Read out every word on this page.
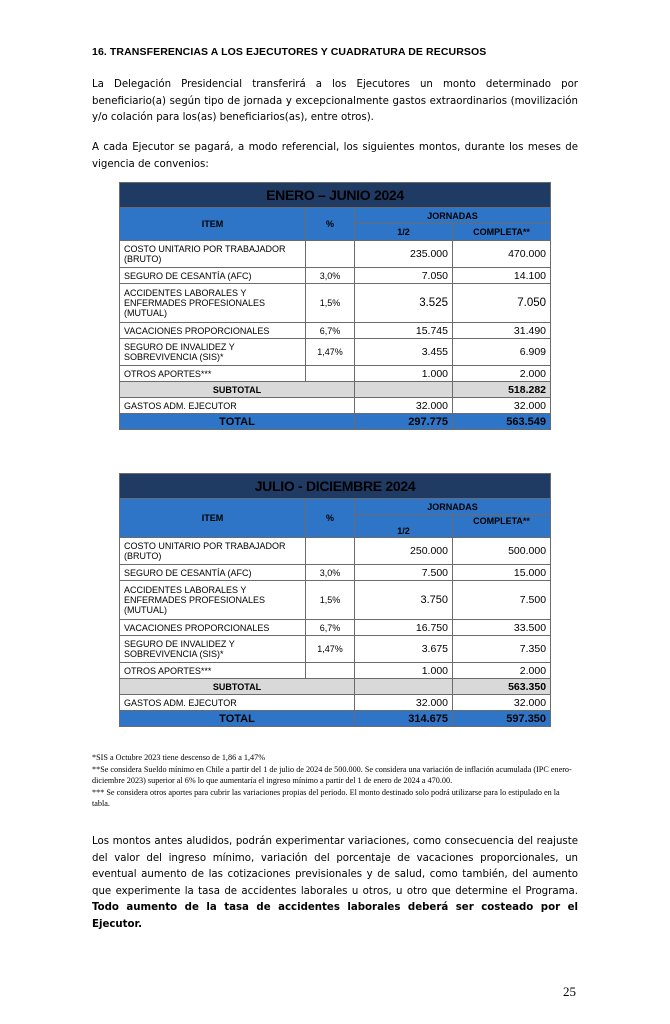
16. TRANSFERENCIAS A LOS EJECUTORES Y CUADRATURA DE RECURSOS
La Delegación Presidencial transferirá a los Ejecutores un monto determinado por beneficiario(a) según tipo de jornada y excepcionalmente gastos extraordinarios (movilización y/o colación para los(as) beneficiarios(as), entre otros).
A cada Ejecutor se pagará, a modo referencial, los siguientes montos, durante los meses de vigencia de convenios:
ENERO – JUNIO 2024			
ITEM	%	JORNADAS	
		1/2	COMPLETA**
COSTO UNITARIO POR TRABAJADOR (BRUTO)		235.000	470.000
SEGURO DE CESANTÍA (AFC)	3,0%	7.050	14.100
ACCIDENTES LABORALES Y ENFERMADES PROFESIONALES (MUTUAL)	1,5%	3.525	7.050
VACACIONES PROPORCIONALES	6,7%	15.745	31.490
SEGURO DE INVALIDEZ Y SOBREVIVENCIA (SIS)*	1,47%	3.455	6.909
OTROS APORTES***		1.000	2.000
SUBTOTAL			518.282
GASTOS ADM. EJECUTOR		32.000	32.000
TOTAL		297.775	563.549
JULIO - DICIEMBRE 2024			
ITEM	%	JORNADAS	
		1/2	COMPLETA**
COSTO UNITARIO POR TRABAJADOR (BRUTO)		250.000	500.000
SEGURO DE CESANTÍA (AFC)	3,0%	7.500	15.000
ACCIDENTES LABORALES Y ENFERMADES PROFESIONALES (MUTUAL)	1,5%	3.750	7.500
VACACIONES PROPORCIONALES	6,7%	16.750	33.500
SEGURO DE INVALIDEZ Y SOBREVIVENCIA (SIS)*	1,47%	3.675	7.350
OTROS APORTES***		1.000	2.000
SUBTOTAL			563.350
GASTOS ADM. EJECUTOR		32.000	32.000
TOTAL		314.675	597.350

*SIS a Octubre 2023 tiene descenso de 1,86 a 1,47%

**Se considera Sueldo mínimo en Chile a partir del 1 de julio de 2024 de 500.000. Se considera una variación de inflación acumulada (IPC enero-diciembre 2023) superior al 6% lo que aumentaría el ingreso mínimo a partir del 1 de enero de 2024 a 470.00.

*** Se considera otros aportes para cubrir las variaciones propias del periodo. El monto destinado solo podrá utilizarse para lo estipulado en la tabla.

Los montos antes aludidos, podrán experimentar variaciones, como consecuencia del reajuste del valor del ingreso mínimo, variación del porcentaje de vacaciones proporcionales, un eventual aumento de las cotizaciones previsionales y de salud, como también, del aumento que experimente la tasa de accidentes laborales u otros, u otro que determine el Programa. Todo aumento de la tasa de accidentes laborales deberá ser costeado por el Ejecutor.
25
